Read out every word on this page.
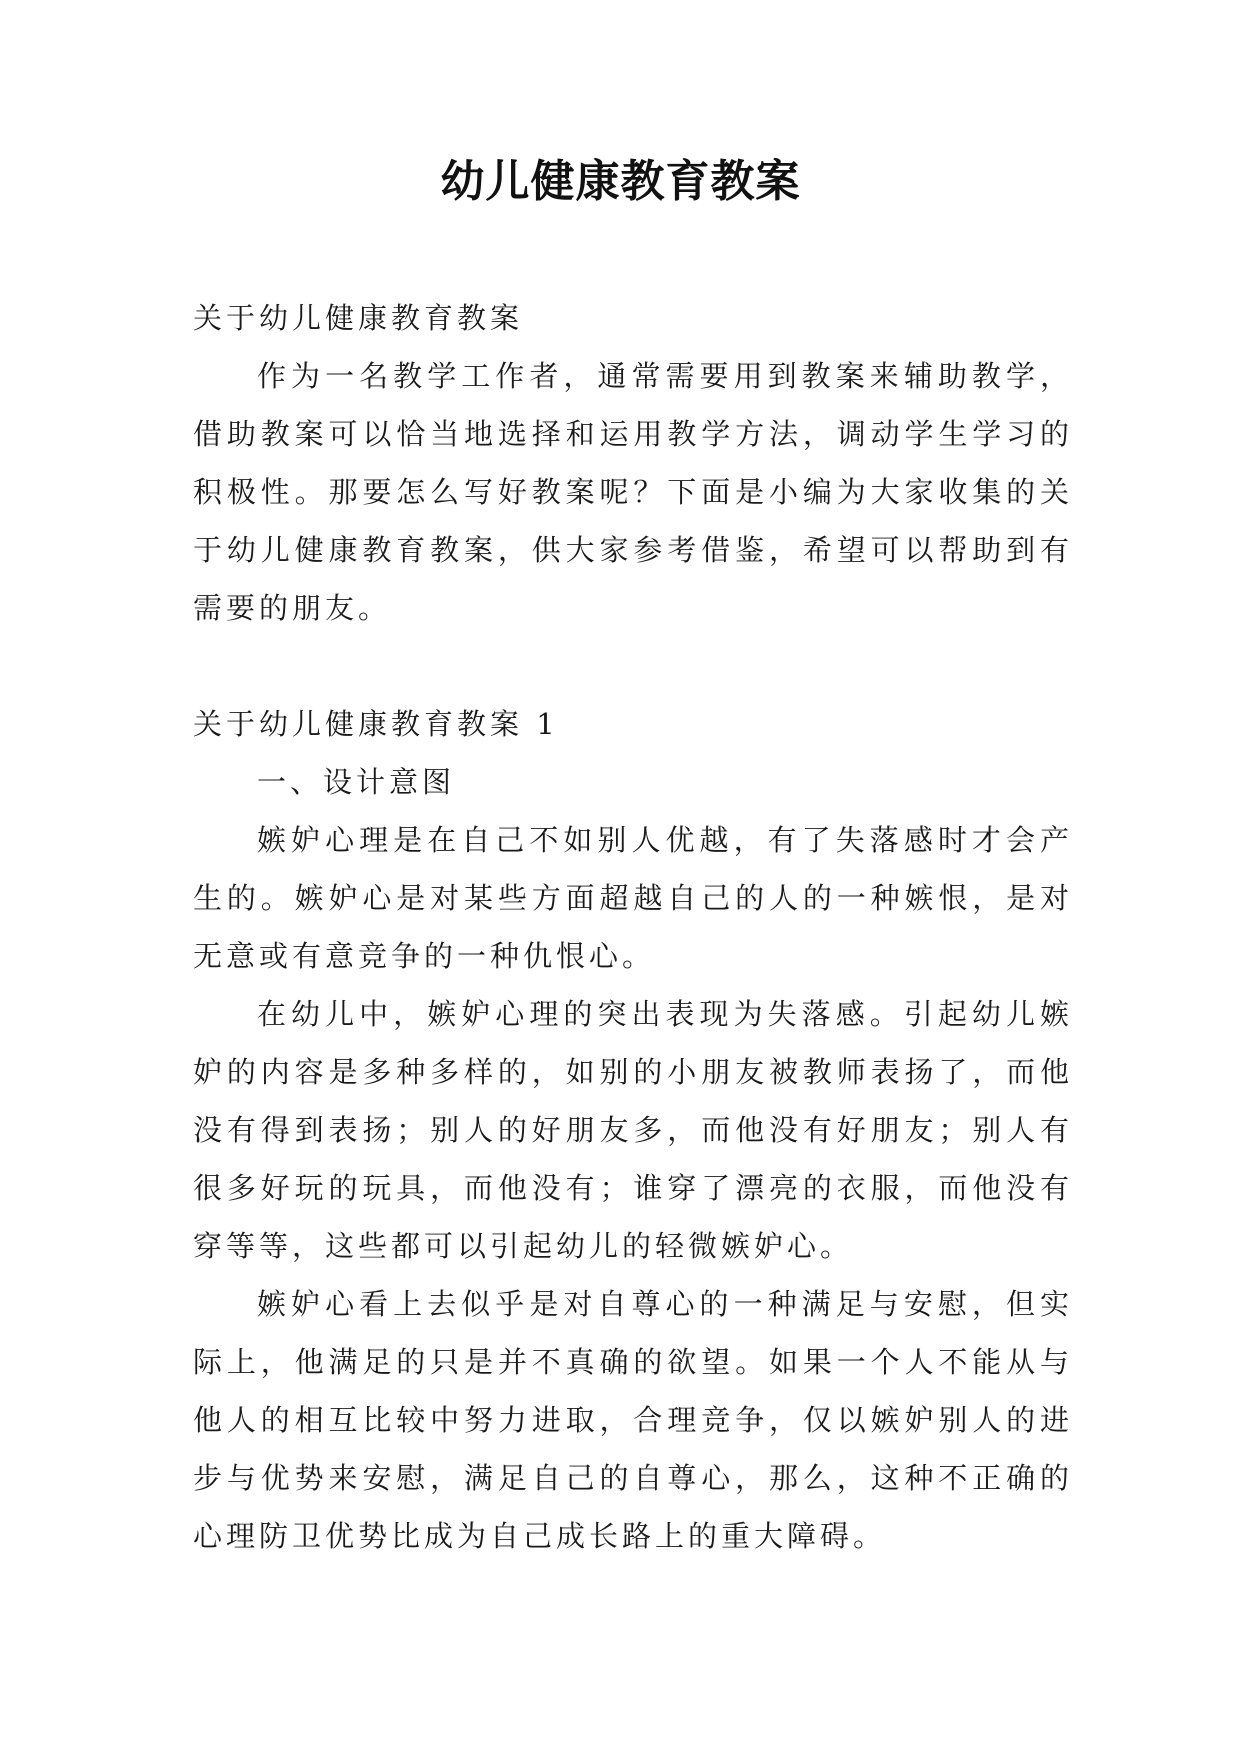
幼儿健康教育教案

关于幼儿健康教育教案

作为一名教学工作者，通常需要用到教案来辅助教学，借助教案可以恰当地选择和运用教学方法，调动学生学习的积极性。那要怎么写好教案呢？下面是小编为大家收集的关于幼儿健康教育教案，供大家参考借鉴，希望可以帮助到有需要的朋友。

关于幼儿健康教育教案 1

一、设计意图

嫉妒心理是在自己不如别人优越，有了失落感时才会产生的。嫉妒心是对某些方面超越自己的人的一种嫉恨，是对无意或有意竞争的一种仇恨心。

在幼儿中，嫉妒心理的突出表现为失落感。引起幼儿嫉妒的内容是多种多样的，如别的小朋友被教师表扬了，而他没有得到表扬；别人的好朋友多，而他没有好朋友；别人有很多好玩的玩具，而他没有；谁穿了漂亮的衣服，而他没有穿等等，这些都可以引起幼儿的轻微嫉妒心。

嫉妒心看上去似乎是对自尊心的一种满足与安慰，但实际上，他满足的只是并不真确的欲望。如果一个人不能从与他人的相互比较中努力进取，合理竞争，仅以嫉妒别人的进步与优势来安慰，满足自己的自尊心，那么，这种不正确的心理防卫优势比成为自己成长路上的重大障碍。
